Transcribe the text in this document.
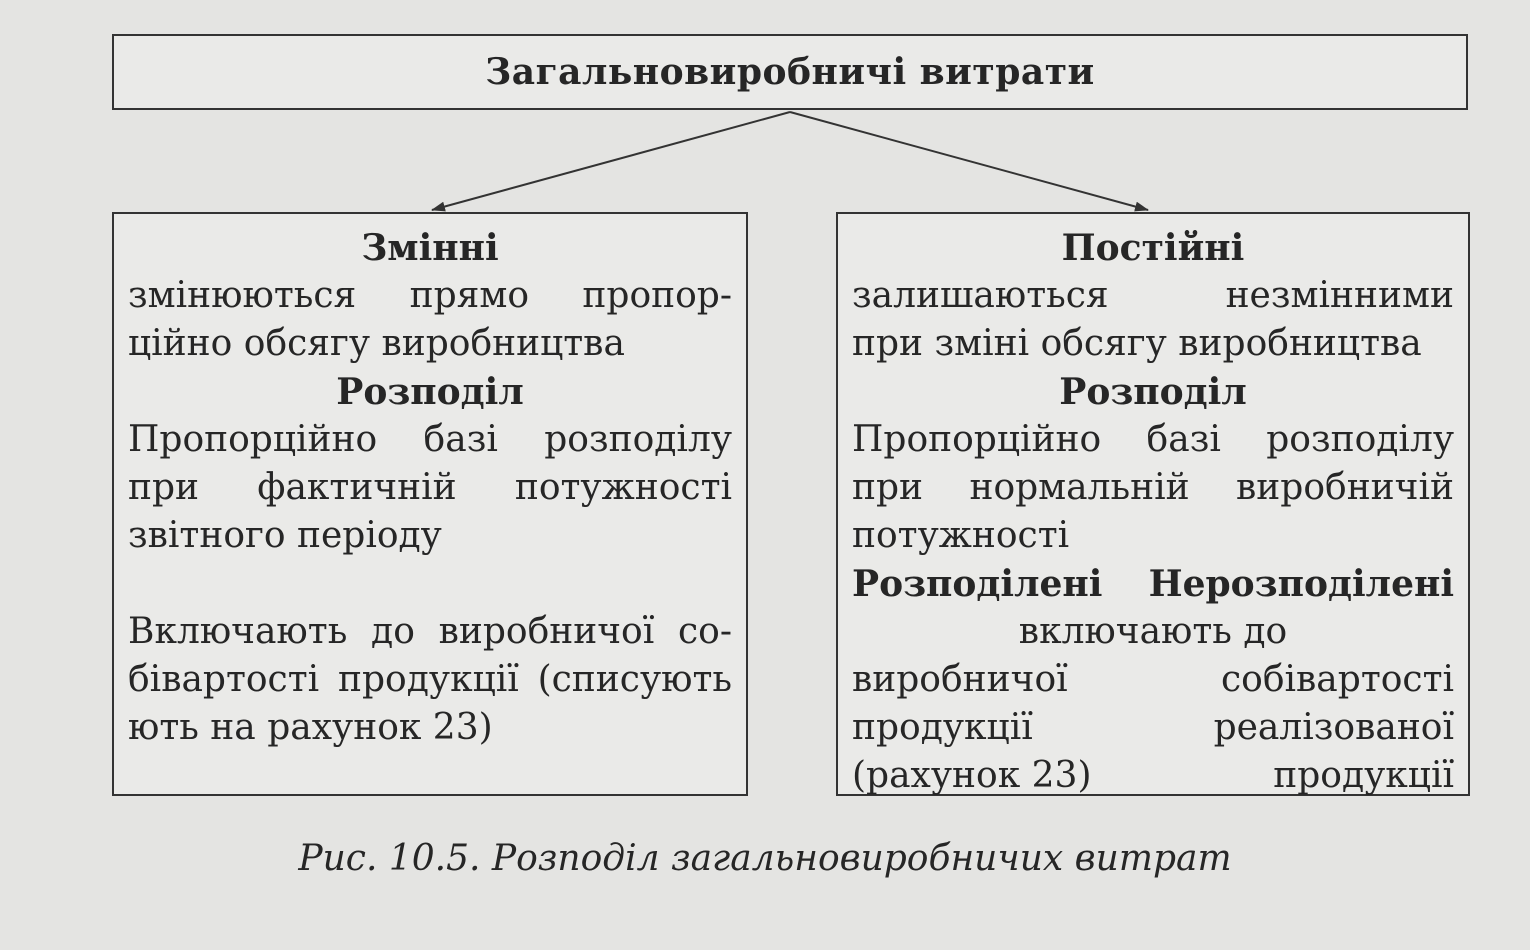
Загальновиробничі витрати
Змінні
змінюються прямо пропор-
ційно обсягу виробництва
Розподіл
Пропорційно базі розподілу
при фактичній потужності
звітного періоду
Включають до виробничої со-
бівартості продукції (списують
ють на рахунок 23)
Постійні
залишаються незмінними
при зміні обсягу виробництва
Розподіл
Пропорційно базі розподілу
при нормальній виробничій
потужності
Розподілені Нерозподілені
включають до
виробничої	собівартості
продукції	реалізованої
(рахунок 23)	продукції
Рис. 10.5. Розподіл загальновиробничих витрат
